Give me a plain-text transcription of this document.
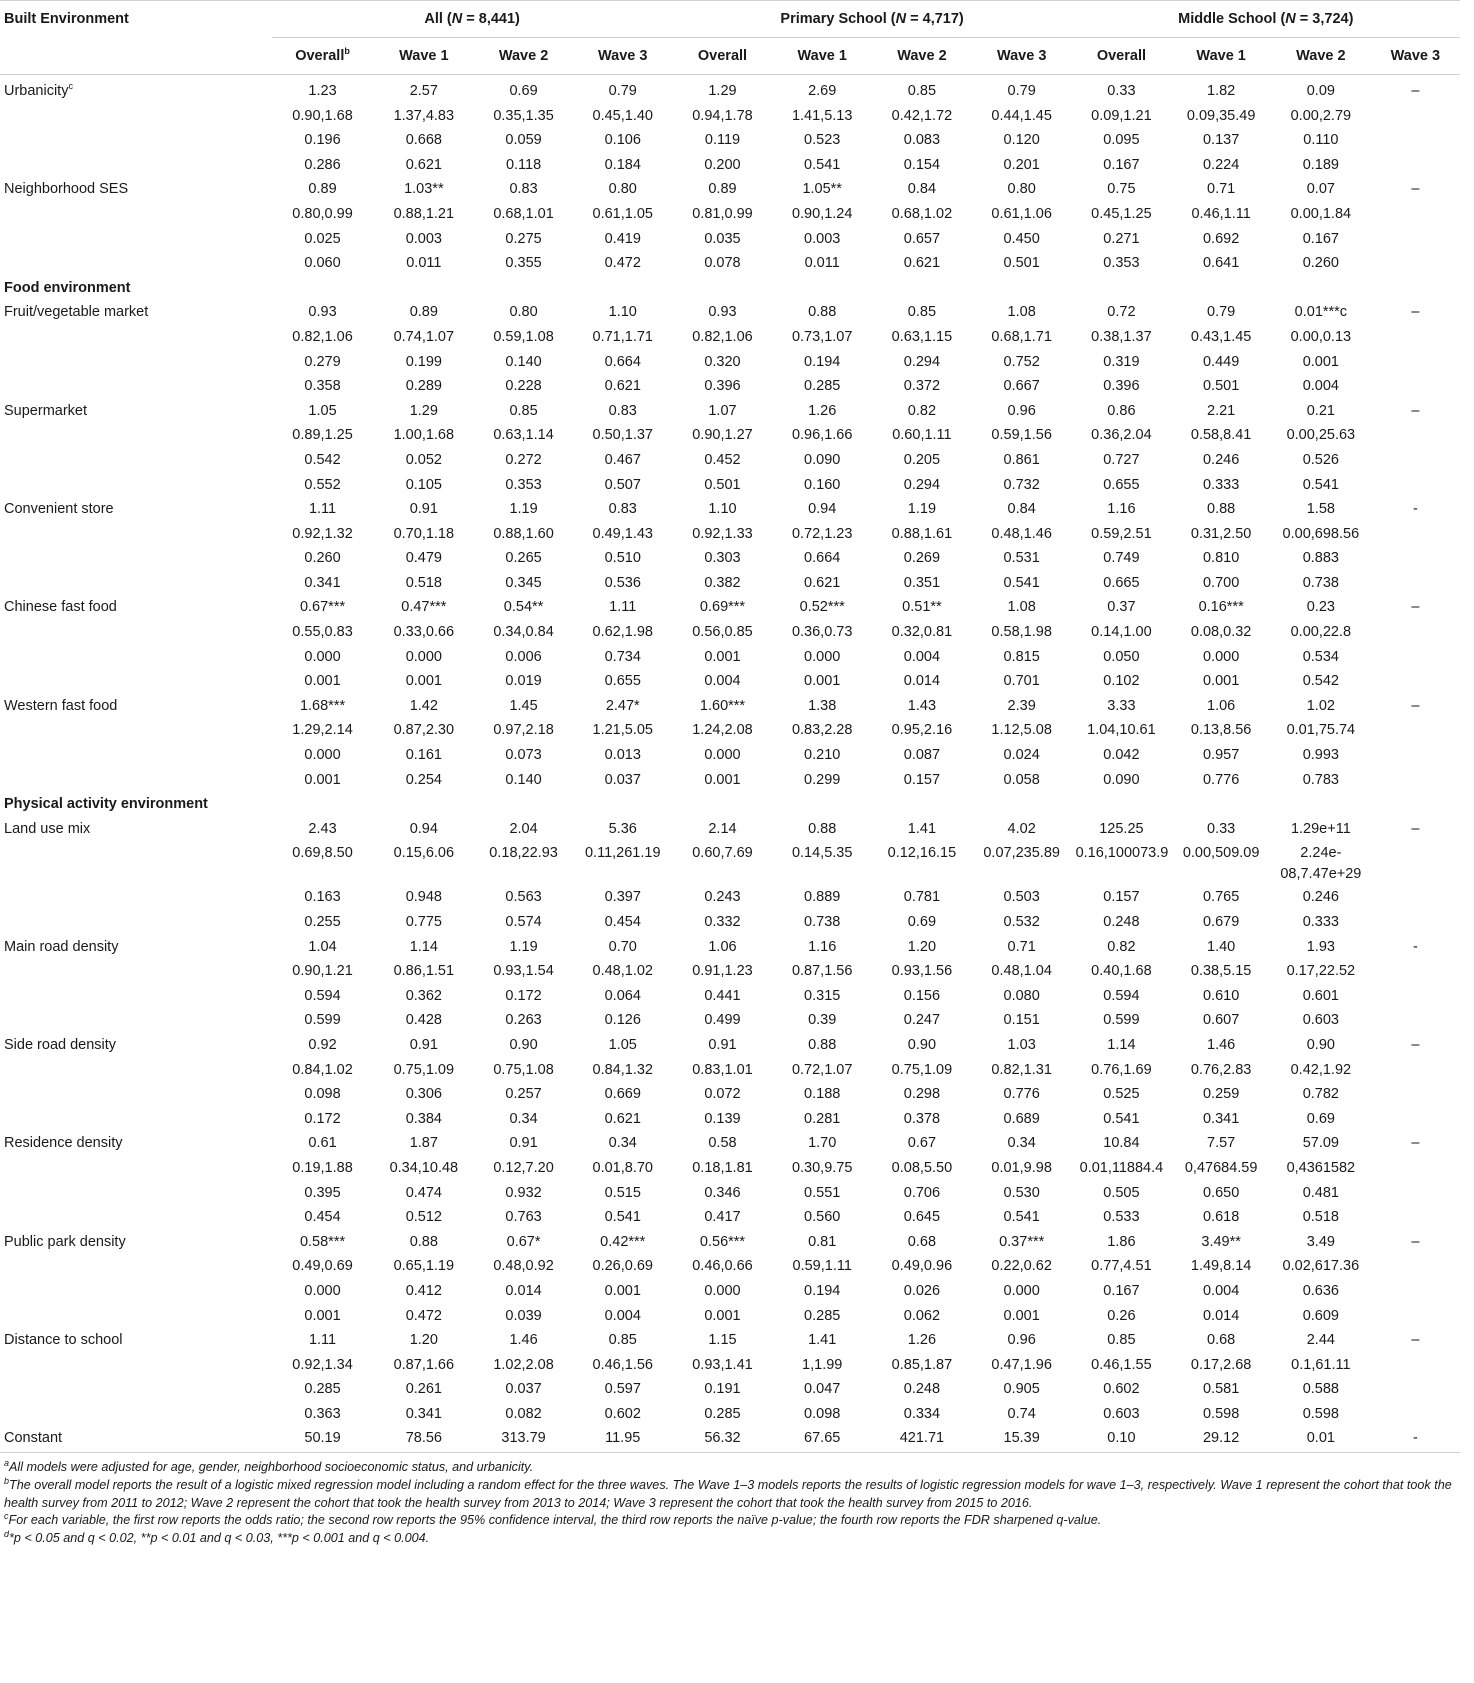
Built Environment	All (N = 8,441)				Primary School (N = 4,717)				Middle School (N = 3,724)			
	Overall$^b$	Wave 1	Wave 2	Wave 3	Overall	Wave 1	Wave 2	Wave 3	Overall	Wave 1	Wave 2	Wave 3

Urbanicity$^c$	1.23	2.57	0.69	0.79	1.29	2.69	0.85	0.79	0.33	1.82	0.09	–
	0.90,1.68	1.37,4.83	0.35,1.35	0.45,1.40	0.94,1.78	1.41,5.13	0.42,1.72	0.44,1.45	0.09,1.21	0.09,35.49	0.00,2.79	
	0.196	0.668	0.059	0.106	0.119	0.523	0.083	0.120	0.095	0.137	0.110	
	0.286	0.621	0.118	0.184	0.200	0.541	0.154	0.201	0.167	0.224	0.189	
Neighborhood SES	0.89	1.03**	0.83	0.80	0.89	1.05**	0.84	0.80	0.75	0.71	0.07	–
	0.80,0.99	0.88,1.21	0.68,1.01	0.61,1.05	0.81,0.99	0.90,1.24	0.68,1.02	0.61,1.06	0.45,1.25	0.46,1.11	0.00,1.84	
	0.025	0.003	0.275	0.419	0.035	0.003	0.657	0.450	0.271	0.692	0.167	
	0.060	0.011	0.355	0.472	0.078	0.011	0.621	0.501	0.353	0.641	0.260	
Food environment												
Fruit/vegetable market	0.93	0.89	0.80	1.10	0.93	0.88	0.85	1.08	0.72	0.79	0.01***c	–
	0.82,1.06	0.74,1.07	0.59,1.08	0.71,1.71	0.82,1.06	0.73,1.07	0.63,1.15	0.68,1.71	0.38,1.37	0.43,1.45	0.00,0.13	
	0.279	0.199	0.140	0.664	0.320	0.194	0.294	0.752	0.319	0.449	0.001	
	0.358	0.289	0.228	0.621	0.396	0.285	0.372	0.667	0.396	0.501	0.004	
Supermarket	1.05	1.29	0.85	0.83	1.07	1.26	0.82	0.96	0.86	2.21	0.21	–
	0.89,1.25	1.00,1.68	0.63,1.14	0.50,1.37	0.90,1.27	0.96,1.66	0.60,1.11	0.59,1.56	0.36,2.04	0.58,8.41	0.00,25.63	
	0.542	0.052	0.272	0.467	0.452	0.090	0.205	0.861	0.727	0.246	0.526	
	0.552	0.105	0.353	0.507	0.501	0.160	0.294	0.732	0.655	0.333	0.541	
Convenient store	1.11	0.91	1.19	0.83	1.10	0.94	1.19	0.84	1.16	0.88	1.58	-
	0.92,1.32	0.70,1.18	0.88,1.60	0.49,1.43	0.92,1.33	0.72,1.23	0.88,1.61	0.48,1.46	0.59,2.51	0.31,2.50	0.00,698.56	
	0.260	0.479	0.265	0.510	0.303	0.664	0.269	0.531	0.749	0.810	0.883	
	0.341	0.518	0.345	0.536	0.382	0.621	0.351	0.541	0.665	0.700	0.738	
Chinese fast food	0.67***	0.47***	0.54**	1.11	0.69***	0.52***	0.51**	1.08	0.37	0.16***	0.23	–
	0.55,0.83	0.33,0.66	0.34,0.84	0.62,1.98	0.56,0.85	0.36,0.73	0.32,0.81	0.58,1.98	0.14,1.00	0.08,0.32	0.00,22.8	
	0.000	0.000	0.006	0.734	0.001	0.000	0.004	0.815	0.050	0.000	0.534	
	0.001	0.001	0.019	0.655	0.004	0.001	0.014	0.701	0.102	0.001	0.542	
Western fast food	1.68***	1.42	1.45	2.47*	1.60***	1.38	1.43	2.39	3.33	1.06	1.02	–
	1.29,2.14	0.87,2.30	0.97,2.18	1.21,5.05	1.24,2.08	0.83,2.28	0.95,2.16	1.12,5.08	1.04,10.61	0.13,8.56	0.01,75.74	
	0.000	0.161	0.073	0.013	0.000	0.210	0.087	0.024	0.042	0.957	0.993	
	0.001	0.254	0.140	0.037	0.001	0.299	0.157	0.058	0.090	0.776	0.783	
Physical activity environment												
Land use mix	2.43	0.94	2.04	5.36	2.14	0.88	1.41	4.02	125.25	0.33	1.29e+11	–
	0.69,8.50	0.15,6.06	0.18,22.93	0.11,261.19	0.60,7.69	0.14,5.35	0.12,16.15	0.07,235.89	0.16,100073.9	0.00,509.09	2.24e-08,7.47e+29	
	0.163	0.948	0.563	0.397	0.243	0.889	0.781	0.503	0.157	0.765	0.246	
	0.255	0.775	0.574	0.454	0.332	0.738	0.69	0.532	0.248	0.679	0.333	
Main road density	1.04	1.14	1.19	0.70	1.06	1.16	1.20	0.71	0.82	1.40	1.93	-
	0.90,1.21	0.86,1.51	0.93,1.54	0.48,1.02	0.91,1.23	0.87,1.56	0.93,1.56	0.48,1.04	0.40,1.68	0.38,5.15	0.17,22.52	
	0.594	0.362	0.172	0.064	0.441	0.315	0.156	0.080	0.594	0.610	0.601	
	0.599	0.428	0.263	0.126	0.499	0.39	0.247	0.151	0.599	0.607	0.603	
Side road density	0.92	0.91	0.90	1.05	0.91	0.88	0.90	1.03	1.14	1.46	0.90	–
	0.84,1.02	0.75,1.09	0.75,1.08	0.84,1.32	0.83,1.01	0.72,1.07	0.75,1.09	0.82,1.31	0.76,1.69	0.76,2.83	0.42,1.92	
	0.098	0.306	0.257	0.669	0.072	0.188	0.298	0.776	0.525	0.259	0.782	
	0.172	0.384	0.34	0.621	0.139	0.281	0.378	0.689	0.541	0.341	0.69	
Residence density	0.61	1.87	0.91	0.34	0.58	1.70	0.67	0.34	10.84	7.57	57.09	–
	0.19,1.88	0.34,10.48	0.12,7.20	0.01,8.70	0.18,1.81	0.30,9.75	0.08,5.50	0.01,9.98	0.01,11884.4	0,47684.59	0,4361582	
	0.395	0.474	0.932	0.515	0.346	0.551	0.706	0.530	0.505	0.650	0.481	
	0.454	0.512	0.763	0.541	0.417	0.560	0.645	0.541	0.533	0.618	0.518	
Public park density	0.58***	0.88	0.67*	0.42***	0.56***	0.81	0.68	0.37***	1.86	3.49**	3.49	–
	0.49,0.69	0.65,1.19	0.48,0.92	0.26,0.69	0.46,0.66	0.59,1.11	0.49,0.96	0.22,0.62	0.77,4.51	1.49,8.14	0.02,617.36	
	0.000	0.412	0.014	0.001	0.000	0.194	0.026	0.000	0.167	0.004	0.636	
	0.001	0.472	0.039	0.004	0.001	0.285	0.062	0.001	0.26	0.014	0.609	
Distance to school	1.11	1.20	1.46	0.85	1.15	1.41	1.26	0.96	0.85	0.68	2.44	–
	0.92,1.34	0.87,1.66	1.02,2.08	0.46,1.56	0.93,1.41	1,1.99	0.85,1.87	0.47,1.96	0.46,1.55	0.17,2.68	0.1,61.11	
	0.285	0.261	0.037	0.597	0.191	0.047	0.248	0.905	0.602	0.581	0.588	
	0.363	0.341	0.082	0.602	0.285	0.098	0.334	0.74	0.603	0.598	0.598	
Constant	50.19	78.56	313.79	11.95	56.32	67.65	421.71	15.39	0.10	29.12	0.01	-
$^a$All models were adjusted for age, gender, neighborhood socioeconomic status, and urbanicity.
$^b$The overall model reports the result of a logistic mixed regression model including a random effect for the three waves. The Wave 1–3 models reports the results of logistic regression models for wave 1–3, respectively. Wave 1 represent the cohort that took the health survey from 2011 to 2012; Wave 2 represent the cohort that took the health survey from 2013 to 2014; Wave 3 represent the cohort that took the health survey from 2015 to 2016.
$^c$For each variable, the first row reports the odds ratio; the second row reports the 95% confidence interval, the third row reports the naïve p-value; the fourth row reports the FDR sharpened q-value.
$^d$*p < 0.05 and q < 0.02, **p < 0.01 and q < 0.03, ***p < 0.001 and q < 0.004.
